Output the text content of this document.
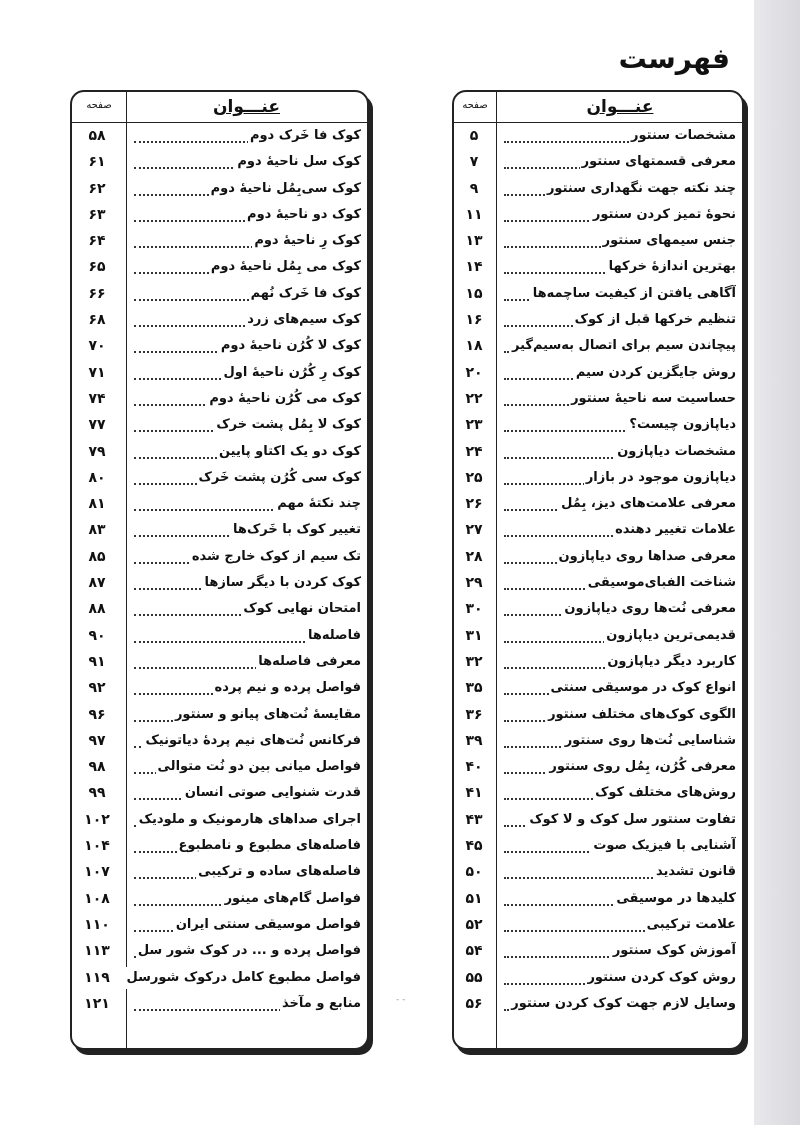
فهرست
عنـــوان
صفحه
مشخصات سنتور
۵
معرفی قسمتهای سنتور
۷
چند نکته جهت نگهداری سنتور
۹
نحوهٔ تمیز کردن سنتور
۱۱
جنس سیمهای سنتور
۱۳
بهترین اندازهٔ خرکها
۱۴
آگاهی یافتن از کیفیت ساچمه‌ها
۱۵
تنظیم خرکها قبل از کوک
۱۶
پیچاندن سیم برای اتصال به‌سیم‌گیر
۱۸
روش جایگزین کردن سیم
۲۰
حساسیت سه ناحیهٔ سنتور
۲۲
دیاپازون چیست؟
۲۳
مشخصات دیاپازون
۲۴
دیاپازون موجود در بازار
۲۵
معرفی علامت‌های دیز، بِمُل
۲۶
علامات تغییر دهنده
۲۷
معرفی صداها روی دیاپازون
۲۸
شناخت الفبای‌موسیقی
۲۹
معرفی نُت‌ها روی دیاپازون
۳۰
قدیمی‌ترین دیاپازون
۳۱
کاربرد دیگر دیاپازون
۳۲
انواع کوک در موسیقی سنتی
۳۵
الگوی کوک‌های مختلف سنتور
۳۶
شناسایی نُت‌ها روی سنتور
۳۹
معرفی کُرُن، بِمُل روی سنتور
۴۰
روش‌های مختلف کوک
۴۱
تفاوت سنتور سل کوک و لا کوک
۴۳
آشنایی با فیزیک صوت
۴۵
قانون تشدید
۵۰
کلیدها در موسیقی
۵۱
علامت ترکیبی
۵۲
آموزش کوک سنتور
۵۴
روش کوک کردن سنتور
۵۵
وسایل لازم جهت کوک کردن سنتور
۵۶
عنـــوان
صفحه
کوک فا خَرک دوم
۵۸
کوک سل ناحیهٔ دوم
۶۱
کوک سی‌بِمُل ناحیهٔ دوم
۶۲
کوک دو ناحیهٔ دوم
۶۳
کوک رِ ناحیهٔ دوم
۶۴
کوک می بِمُل ناحیهٔ دوم
۶۵
کوک فا خَرک نُهم
۶۶
کوک سیم‌های زرد
۶۸
کوک لا کُرُن ناحیهٔ دوم
۷۰
کوک رِ کُرُن ناحیهٔ اول
۷۱
کوک می کُرُن ناحیهٔ دوم
۷۴
کوک لا بِمُل پشت خرک
۷۷
کوک دو یک اکتاو پایین
۷۹
کوک سی کُرُن پشت خَرک
۸۰
چند نکتهٔ مهم
۸۱
تغییر کوک با خَرک‌ها
۸۳
تک سیم از کوک خارج شده
۸۵
کوک کردن با دیگر سازها
۸۷
امتحان نهایی کوک
۸۸
فاصله‌ها
۹۰
معرفی فاصله‌ها
۹۱
فواصل پرده و نیم پرده
۹۲
مقایسهٔ نُت‌های پیانو و سنتور
۹۶
فرکانس نُت‌های نیم پردهٔ دیاتونیک
۹۷
فواصل میانی بین دو نُت متوالی
۹۸
قدرت شنوایی صوتی انسان
۹۹
اجرای صداهای هارمونیک و ملودیک
۱۰۲
فاصله‌های مطبوع و نامطبوع
۱۰۴
فاصله‌های ساده و ترکیبی
۱۰۷
فواصل گام‌های مینور
۱۰۸
فواصل موسیقی سنتی ایران
۱۱۰
فواصل پرده و ... در کوک شور سل
۱۱۳
فواصل مطبوع کامل درکوک شورسل
۱۱۹
منابع و مآخذ
۱۲۱	- -
